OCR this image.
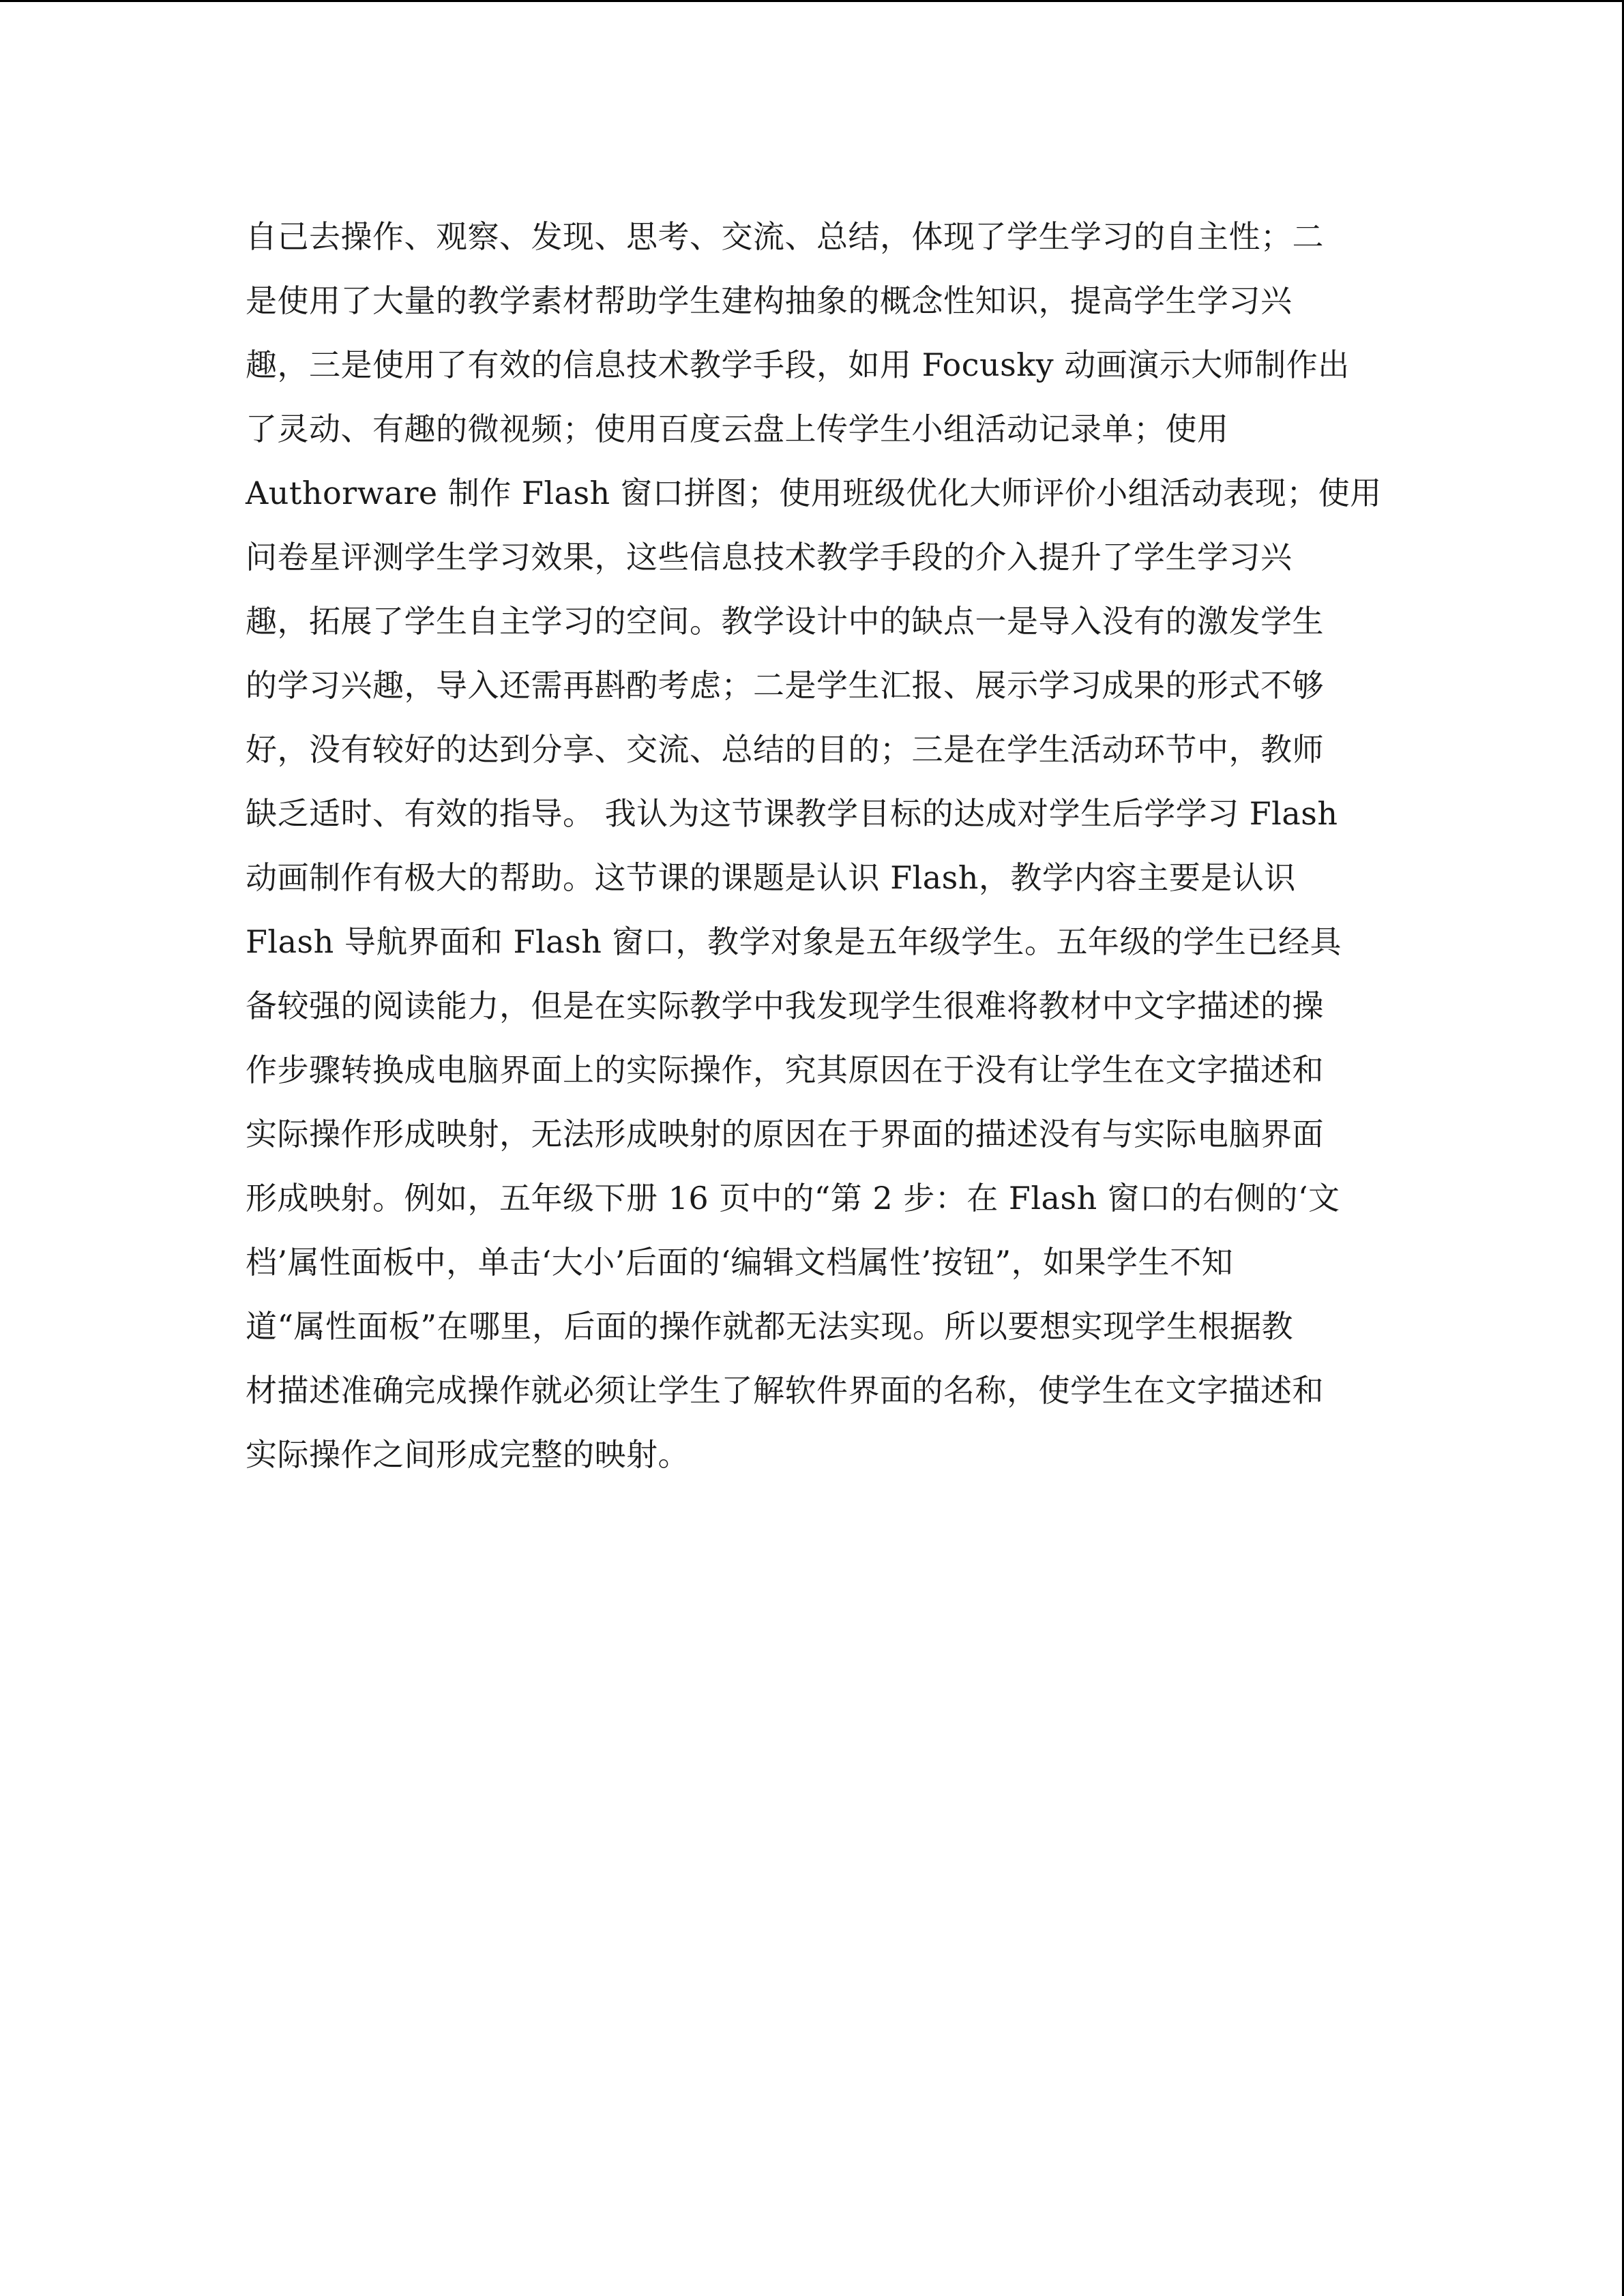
自己去操作、观察、发现、思考、交流、总结，体现了学生学习的自主性；二
是使用了大量的教学素材帮助学生建构抽象的概念性知识，提高学生学习兴
趣，三是使用了有效的信息技术教学手段，如用 Focusky 动画演示大师制作出
了灵动、有趣的微视频；使用百度云盘上传学生小组活动记录单；使用
Authorware 制作 Flash 窗口拼图；使用班级优化大师评价小组活动表现；使用
问卷星评测学生学习效果，这些信息技术教学手段的介入提升了学生学习兴
趣，拓展了学生自主学习的空间。教学设计中的缺点一是导入没有的激发学生
的学习兴趣，导入还需再斟酌考虑；二是学生汇报、展示学习成果的形式不够
好，没有较好的达到分享、交流、总结的目的；三是在学生活动环节中，教师
缺乏适时、有效的指导。 我认为这节课教学目标的达成对学生后学学习 Flash
动画制作有极大的帮助。这节课的课题是认识 Flash，教学内容主要是认识
Flash 导航界面和 Flash 窗口，教学对象是五年级学生。五年级的学生已经具
备较强的阅读能力，但是在实际教学中我发现学生很难将教材中文字描述的操
作步骤转换成电脑界面上的实际操作，究其原因在于没有让学生在文字描述和
实际操作形成映射，无法形成映射的原因在于界面的描述没有与实际电脑界面
形成映射。例如，五年级下册 16 页中的“第 2 步：在 Flash 窗口的右侧的‘文
档’属性面板中，单击‘大小’后面的‘编辑文档属性’按钮”，如果学生不知
道“属性面板”在哪里，后面的操作就都无法实现。所以要想实现学生根据教
材描述准确完成操作就必须让学生了解软件界面的名称，使学生在文字描述和
实际操作之间形成完整的映射。
